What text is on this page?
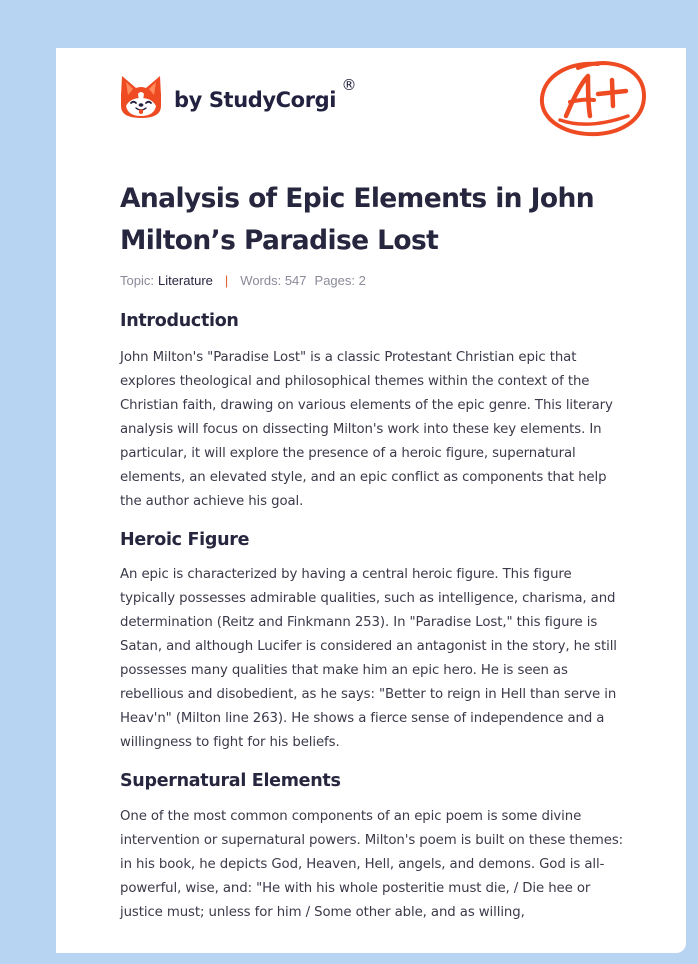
by StudyCorgi
®
Analysis of Epic Elements in John Milton’s Paradise Lost
Topic: Literature | Words: 547 Pages: 2
Introduction

John Milton's "Paradise Lost" is a classic Protestant Christian epic that explores theological and philosophical themes within the context of the Christian faith, drawing on various elements of the epic genre. This literary analysis will focus on dissecting Milton's work into these key elements. In particular, it will explore the presence of a heroic figure, supernatural elements, an elevated style, and an epic conflict as components that help the author achieve his goal.

Heroic Figure

An epic is characterized by having a central heroic figure. This figure typically possesses admirable qualities, such as intelligence, charisma, and determination (Reitz and Finkmann 253). In "Paradise Lost," this figure is Satan, and although Lucifer is considered an antagonist in the story, he still possesses many qualities that make him an epic hero. He is seen as rebellious and disobedient, as he says: "Better to reign in Hell than serve in Heav'n" (Milton line 263). He shows a fierce sense of independence and a willingness to fight for his beliefs.

Supernatural Elements

One of the most common components of an epic poem is some divine intervention or supernatural powers. Milton's poem is built on these themes: in his book, he depicts God, Heaven, Hell, angels, and demons. God is all-powerful, wise, and: "He with his whole posteritie must die, / Die hee or justice must; unless for him / Some other able, and as willing,
